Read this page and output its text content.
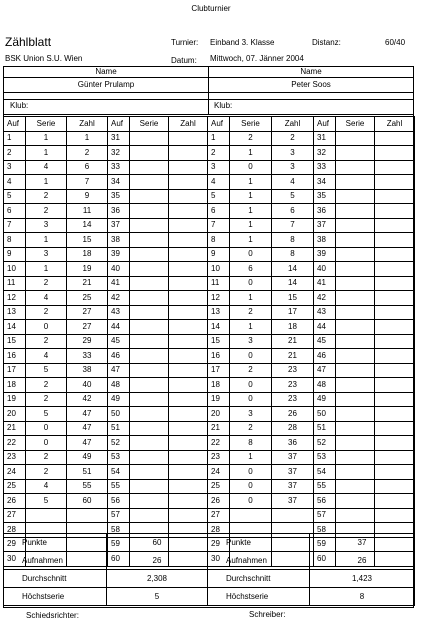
Clubturnier
Zählblatt
BSK Union S.U. Wien
Turnier: Einband 3. Klasse	Distanz:	60/40
Datum: Mittwoch, 07. Jänner 2004
Name	Name
Günter Prulamp	Peter Soos
Klub:	Klub:
Auf	Serie	Zahl	Auf	Serie	Zahl
1	1	1	31		
2	1	2	32		
3	4	6	33		
4	1	7	34		
5	2	9	35		
6	2	11	36		
7	3	14	37		
8	1	15	38		
9	3	18	39		
10	1	19	40		
11	2	21	41		
12	4	25	42		
13	2	27	43		
14	0	27	44		
15	2	29	45		
16	4	33	46		
17	5	38	47		
18	2	40	48		
19	2	42	49		
20	5	47	50		
21	0	47	51		
22	0	47	52		
23	2	49	53		
24	2	51	54		
25	4	55	55		
26	5	60	56		
27			57		
28			58		
29			59		
30			60		
Auf	Serie	Zahl	Auf	Serie	Zahl
1	2	2	31		
2	1	3	32		
3	0	3	33		
4	1	4	34		
5	1	5	35		
6	1	6	36		
7	1	7	37		
8	1	8	38		
9	0	8	39		
10	6	14	40		
11	0	14	41		
12	1	15	42		
13	2	17	43		
14	1	18	44		
15	3	21	45		
16	0	21	46		
17	2	23	47		
18	0	23	48		
19	0	23	49		
20	3	26	50		
21	2	28	51		
22	8	36	52		
23	1	37	53		
24	0	37	54		
25	0	37	55		
26	0	37	56		
27			57		
28			58		
29			59		
30			60		
Punkte	60
Aufnahmen	26
Durchschnitt	2,308
Höchstserie	5
Punkte	37
Aufnahmen	26
Durchschnitt	1,423
Höchstserie	8
Schiedsrichter:	Schreiber:
